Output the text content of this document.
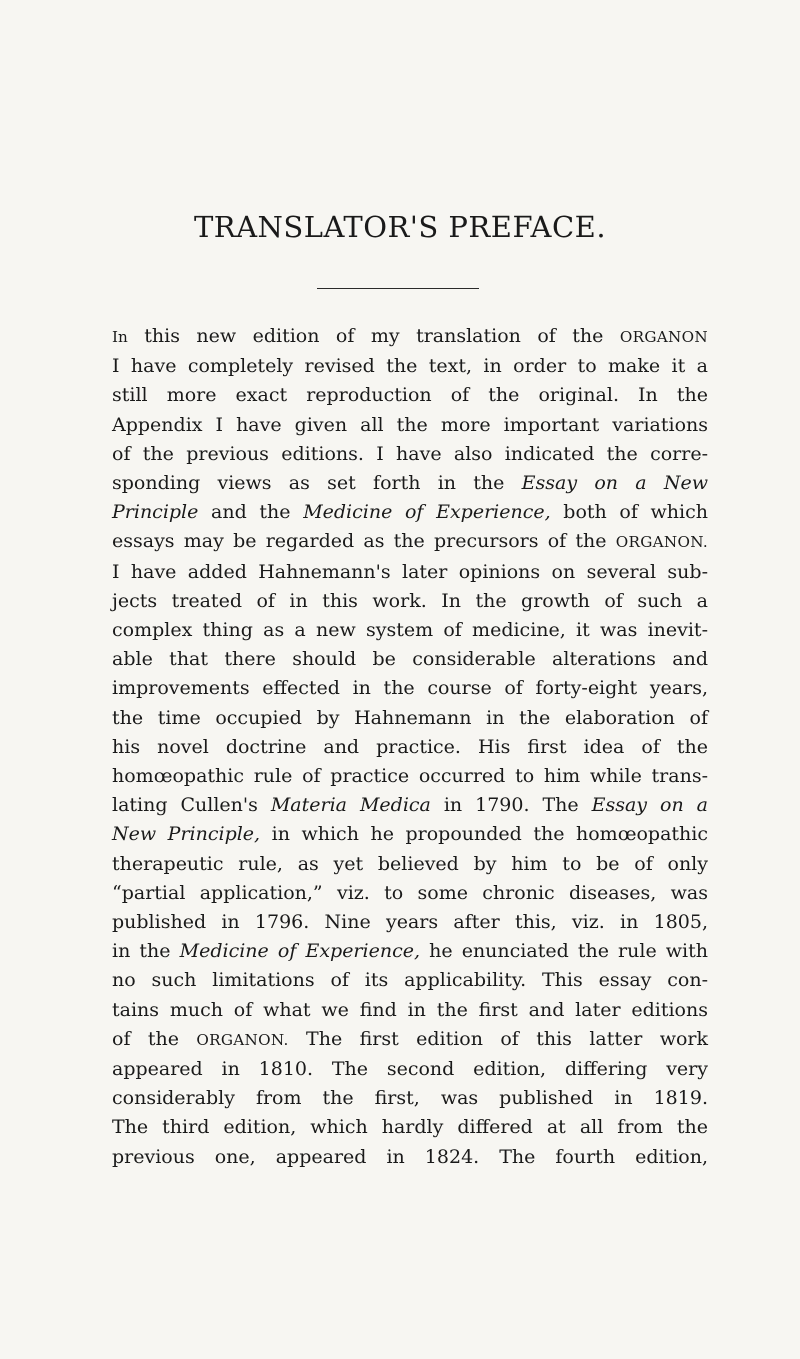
TRANSLATOR'S PREFACE.
In this new edition of my translation of the ORGANON
I have completely revised the text, in order to make it a
still more exact reproduction of the original. In the
Appendix I have given all the more important variations
of the previous editions. I have also indicated the corre-
sponding views as set forth in the Essay on a New
Principle and the Medicine of Experience, both of which
essays may be regarded as the precursors of the ORGANON.
I have added Hahnemann's later opinions on several sub-
jects treated of in this work. In the growth of such a
complex thing as a new system of medicine, it was inevit-
able that there should be considerable alterations and
improvements effected in the course of forty-eight years,
the time occupied by Hahnemann in the elaboration of
his novel doctrine and practice. His first idea of the
homœopathic rule of practice occurred to him while trans-
lating Cullen's Materia Medica in 1790. The Essay on a
New Principle, in which he propounded the homœopathic
therapeutic rule, as yet believed by him to be of only
“partial application,” viz. to some chronic diseases, was
published in 1796. Nine years after this, viz. in 1805,
in the Medicine of Experience, he enunciated the rule with
no such limitations of its applicability. This essay con-
tains much of what we find in the first and later editions
of the ORGANON. The first edition of this latter work
appeared in 1810. The second edition, differing very
considerably from the first, was published in 1819.
The third edition, which hardly differed at all from the
previous one, appeared in 1824. The fourth edition,
